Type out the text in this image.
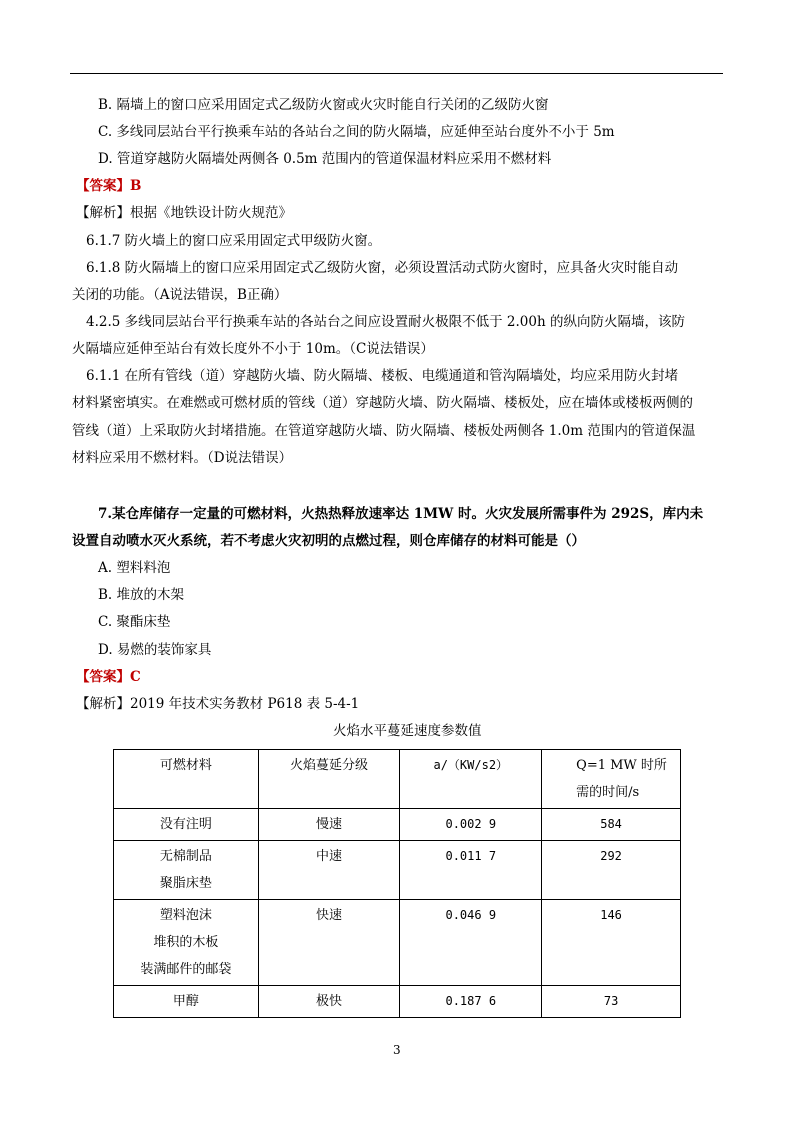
B. 隔墙上的窗口应采用固定式乙级防火窗或火灾时能自行关闭的乙级防火窗
C. 多线同层站台平行换乘车站的各站台之间的防火隔墙，应延伸至站台度外不小于 5m
D. 管道穿越防火隔墙处两侧各 0.5m 范围内的管道保温材料应采用不燃材料
【答案】B
【解析】根据《地铁设计防火规范》
6.1.7 防火墙上的窗口应采用固定式甲级防火窗。
6.1.8 防火隔墙上的窗口应采用固定式乙级防火窗，必须设置活动式防火窗时，应具备火灾时能自动
关闭的功能。（A说法错误，B正确）
4.2.5 多线同层站台平行换乘车站的各站台之间应设置耐火极限不低于 2.00h 的纵向防火隔墙，该防
火隔墙应延伸至站台有效长度外不小于 10m。（C说法错误）
6.1.1 在所有管线（道）穿越防火墙、防火隔墙、楼板、电缆通道和管沟隔墙处，均应采用防火封堵
材料紧密填实。在难燃或可燃材质的管线（道）穿越防火墙、防火隔墙、楼板处，应在墙体或楼板两侧的
管线（道）上采取防火封堵措施。在管道穿越防火墙、防火隔墙、楼板处两侧各 1.0m 范围内的管道保温
材料应采用不燃材料。（D说法错误）
7.某仓库储存一定量的可燃材料，火热热释放速率达 1MW 时。火灾发展所需事件为 292S，库内未
设置自动喷水灭火系统，若不考虑火灾初明的点燃过程，则仓库储存的材料可能是（）
A. 塑料料泡
B. 堆放的木架
C. 聚酯床垫
D. 易燃的装饰家具
【答案】C
【解析】2019 年技术实务教材 P618 表 5-4-1
火焰水平蔓延速度参数值
可燃材料	火焰蔓延分级	a/（KW/s2）	Q=1 MW 时所需的时间/s

没有注明	慢速	0.002 9	584

无棉制品
聚脂床垫	中速	0.011 7	292

塑料泡沫
堆积的木板
装满邮件的邮袋	快速	0.046 9	146

甲醇	极快	0.187 6	73
3
